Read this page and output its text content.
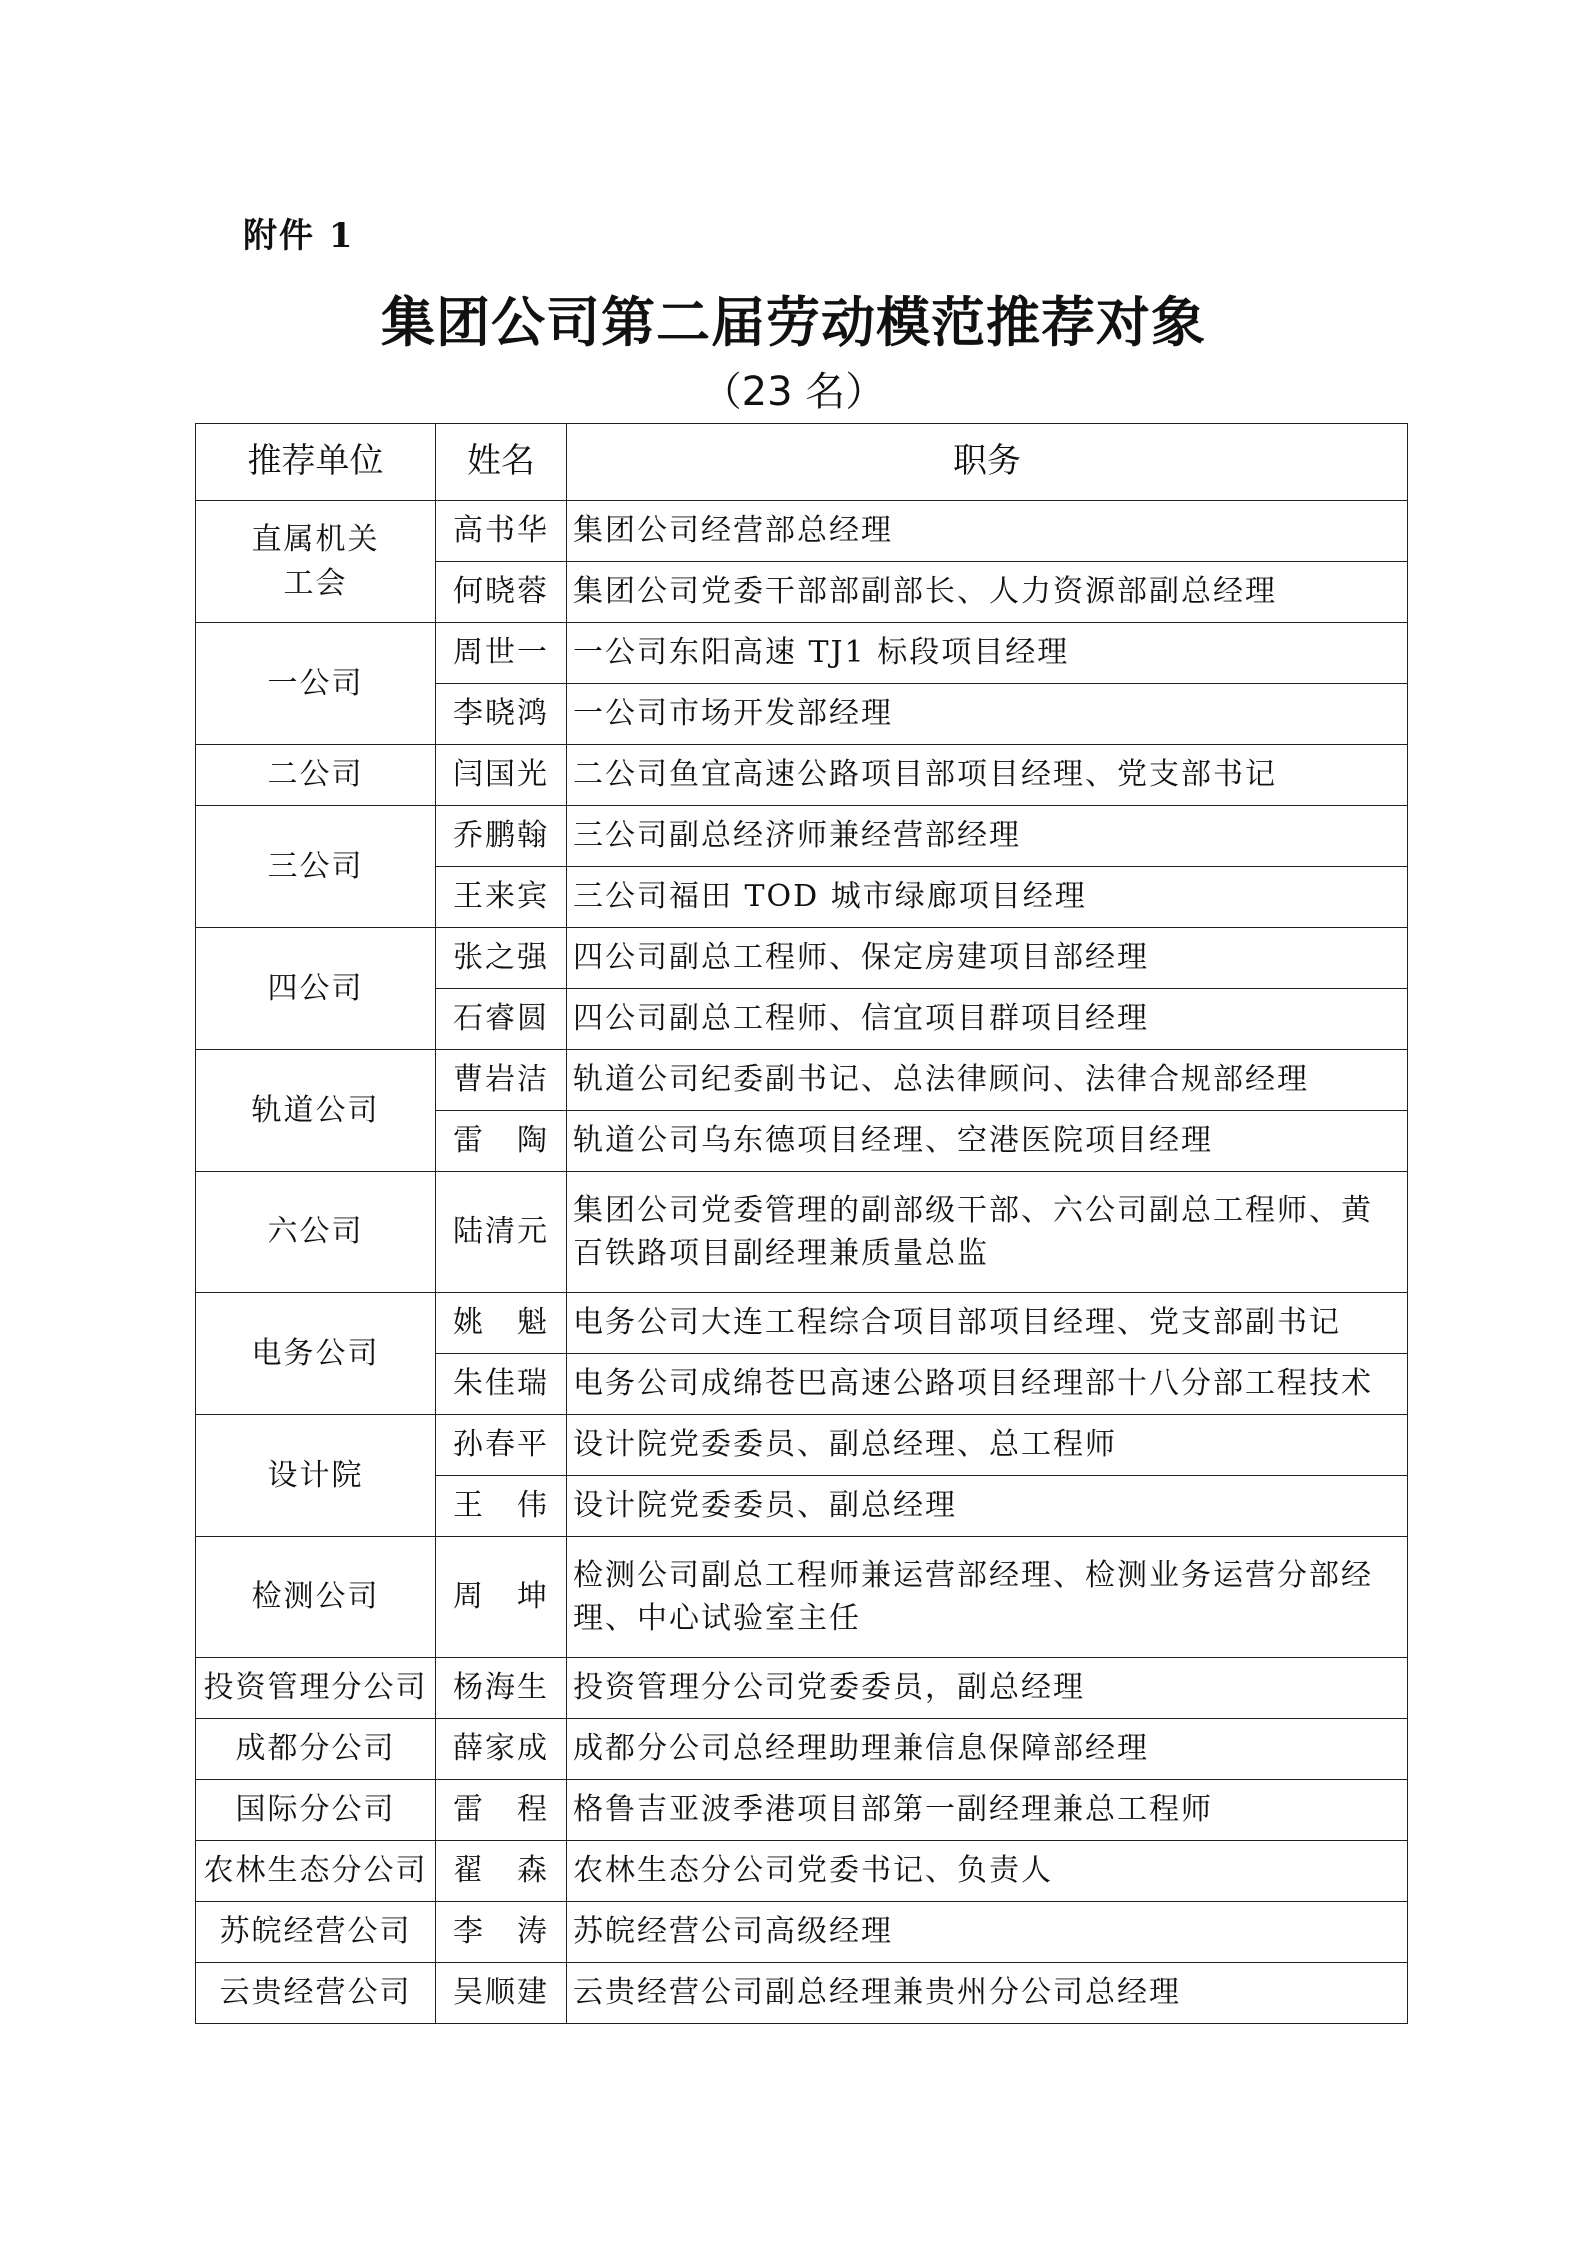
附件 1
集团公司第二届劳动模范推荐对象
（23 名）
推荐单位	姓名	职务
直属机关工会	高书华	集团公司经营部总经理
	何晓蓉	集团公司党委干部部副部长、人力资源部副总经理
一公司	周世一	一公司东阳高速 TJ1 标段项目经理
	李晓鸿	一公司市场开发部经理
二公司	闫国光	二公司鱼宜高速公路项目部项目经理、党支部书记
三公司	乔鹏翰	三公司副总经济师兼经营部经理
	王来宾	三公司福田 TOD 城市绿廊项目经理
四公司	张之强	四公司副总工程师、保定房建项目部经理
	石睿圆	四公司副总工程师、信宜项目群项目经理
轨道公司	曹岩洁	轨道公司纪委副书记、总法律顾问、法律合规部经理
	雷　陶	轨道公司乌东德项目经理、空港医院项目经理
六公司	陆清元	集团公司党委管理的副部级干部、六公司副总工程师、黄百铁路项目副经理兼质量总监
电务公司	姚　魁	电务公司大连工程综合项目部项目经理、党支部副书记
	朱佳瑞	电务公司成绵苍巴高速公路项目经理部十八分部工程技术
设计院	孙春平	设计院党委委员、副总经理、总工程师
	王　伟	设计院党委委员、副总经理
检测公司	周　坤	检测公司副总工程师兼运营部经理、检测业务运营分部经理、中心试验室主任
投资管理分公司	杨海生	投资管理分公司党委委员，副总经理
成都分公司	薛家成	成都分公司总经理助理兼信息保障部经理
国际分公司	雷　程	格鲁吉亚波季港项目部第一副经理兼总工程师
农林生态分公司	翟　森	农林生态分公司党委书记、负责人
苏皖经营公司	李　涛	苏皖经营公司高级经理
云贵经营公司	吴顺建	云贵经营公司副总经理兼贵州分公司总经理
